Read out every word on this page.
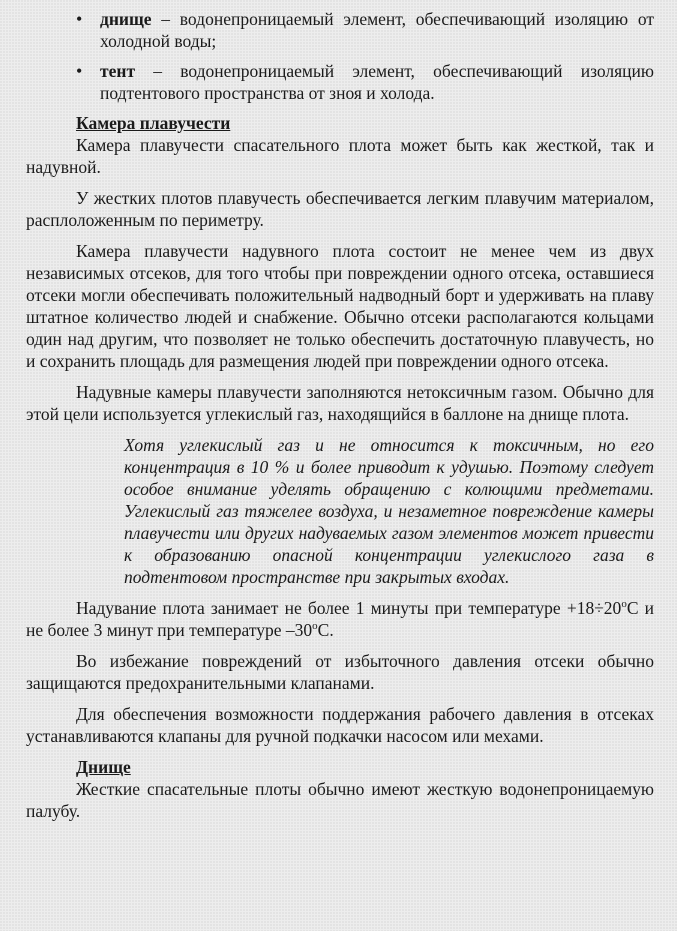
• днище – водонепроницаемый элемент, обеспечивающий изоляцию от холодной воды;
• тент – водонепроницаемый элемент, обеспечивающий изоляцию подтентового пространства от зноя и холода.
Камера плавучести

Камера плавучести спасательного плота может быть как жесткой, так и надувной.

У жестких плотов плавучесть обеспечивается легким плавучим материалом, расплоложенным по периметру.

Камера плавучести надувного плота состоит не менее чем из двух независимых отсеков, для того чтобы при повреждении одного отсека, оставшиеся отсеки могли обеспечивать положительный надводный борт и удерживать на плаву штатное количество людей и снабжение. Обычно отсеки располагаются кольцами один над другим, что позволяет не только обеспечить достаточную плавучесть, но и сохранить площадь для размещения людей при повреждении одного отсека.

Надувные камеры плавучести заполняются нетоксичным газом. Обычно для этой цели используется углекислый газ, находящийся в баллоне на днище плота.

Хотя углекислый газ и не относится к токсичным, но его концентрация в 10 % и более приводит к удушью. Поэтому следует особое внимание уделять обращению с колющими предметами. Углекислый газ тяжелее воздуха, и незаметное повреждение камеры плавучести или других надуваемых газом элементов может привести к образованию опасной концентрации углекислого газа в подтентовом пространстве при закрытых входах.

Надувание плота занимает не более 1 минуты при температуре $+18\div 20^oС$ и не более 3 минут при температуре –30$^o$С.

Во избежание повреждений от избыточного давления отсеки обычно защищаются предохранительными клапанами.

Для обеспечения возможности поддержания рабочего давления в отсеках устанавливаются клапаны для ручной подкачки насосом или мехами.

Днище

Жесткие спасательные плоты обычно имеют жесткую водонепроницаемую палубу.
